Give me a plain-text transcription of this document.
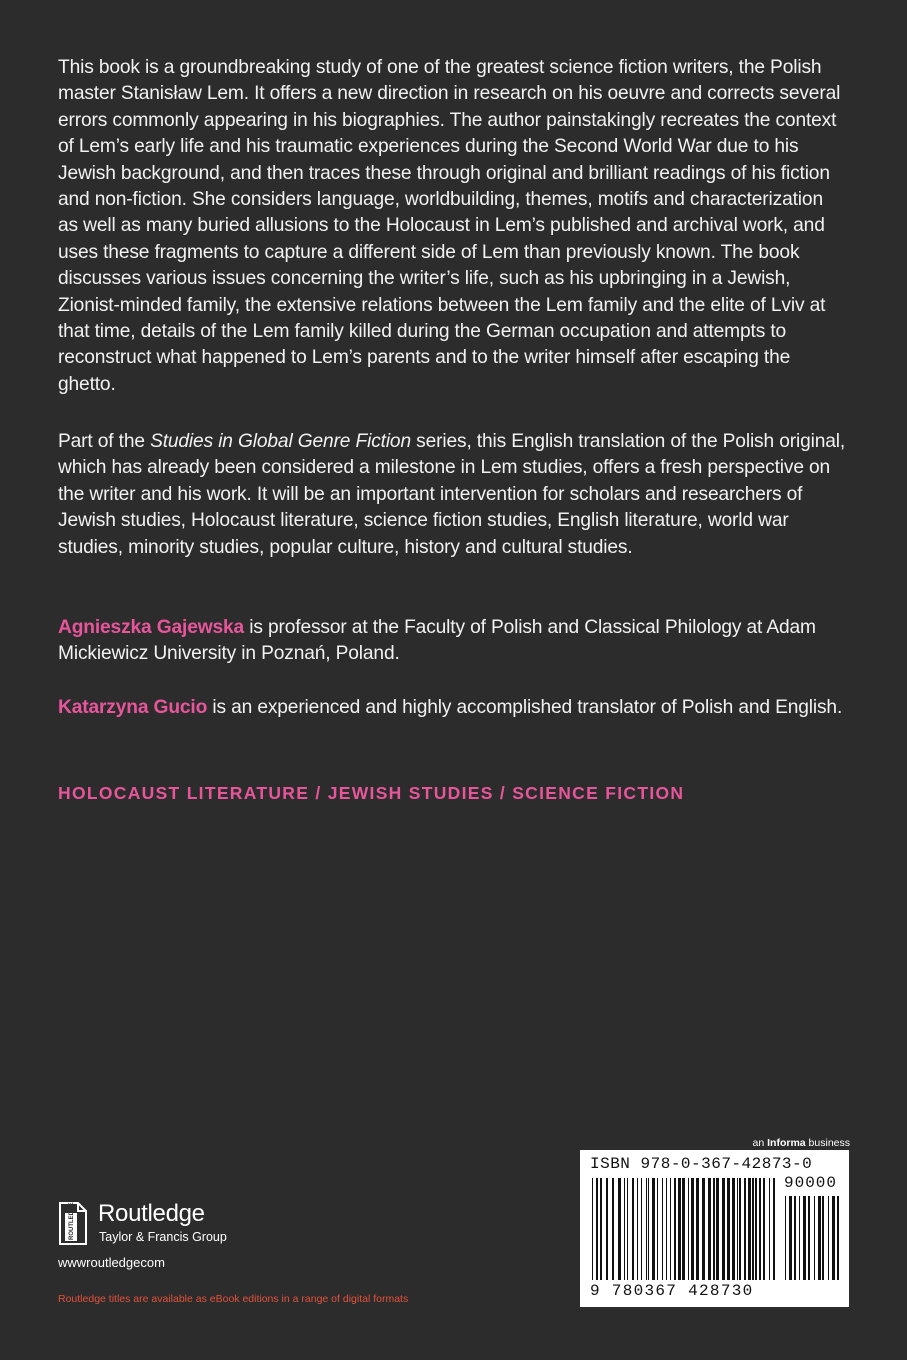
This book is a groundbreaking study of one of the greatest science fiction writers, the Polish master Stanisław Lem. It offers a new direction in research on his oeuvre and corrects several errors commonly appearing in his biographies. The author painstakingly recreates the context of Lem’s early life and his traumatic experiences during the Second World War due to his Jewish background, and then traces these through original and brilliant readings of his fiction and non-fiction. She considers language, worldbuilding, themes, motifs and characterization as well as many buried allusions to the Holocaust in Lem’s published and archival work, and uses these fragments to capture a different side of Lem than previously known. The book discusses various issues concerning the writer’s life, such as his upbringing in a Jewish, Zionist-minded family, the extensive relations between the Lem family and the elite of Lviv at that time, details of the Lem family killed during the German occupation and attempts to reconstruct what happened to Lem’s parents and to the writer himself after escaping the ghetto.
Part of the Studies in Global Genre Fiction series, this English translation of the Polish original, which has already been considered a milestone in Lem studies, offers a fresh perspective on the writer and his work. It will be an important intervention for scholars and researchers of Jewish studies, Holocaust literature, science fiction studies, English literature, world war studies, minority studies, popular culture, history and cultural studies.
Agnieszka Gajewska is professor at the Faculty of Polish and Classical Philology at Adam Mickiewicz University in Poznań, Poland.
Katarzyna Gucio is an experienced and highly accomplished translator of Polish and English.
HOLOCAUST LITERATURE / JEWISH STUDIES / SCIENCE FICTION
ROUTLEDGE Routledge
Taylor & Francis Group
wwwroutledgecom
Routledge titles are available as eBook editions in a range of digital formats
an Informa business
ISBN 978-0-367-42873-0
90000
9 780367 428730
